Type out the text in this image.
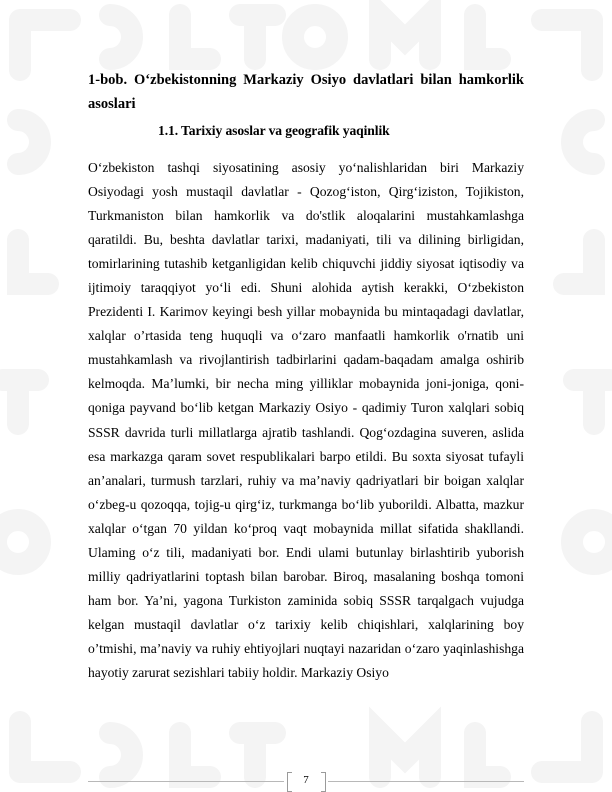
1-bob. O‘zbekistonning Markaziy Osiyo davlatlari bilan hamkorlik asoslari
1.1. Tarixiy asoslar va geografik yaqinlik

O‘zbekiston tashqi siyosatining asosiy yo‘nalishlaridan biri Markaziy Osiyodagi yosh mustaqil davlatlar - Qozog‘iston, Qirg‘iziston, Tojikiston, Turkmaniston bilan hamkorlik va do'stlik aloqalarini mustahkamlashga qaratildi. Bu, beshta davlatlar tarixi, madaniyati, tili va dilining birligidan, tomirlarining tutashib ketganligidan kelib chiquvchi jiddiy siyosat iqtisodiy va ijtimoiy taraqqiyot yo‘li edi. Shuni alohida aytish kerakki, O‘zbekiston Prezidenti I. Karimov keyingi besh yillar mobaynida bu mintaqadagi davlatlar, xalqlar o’rtasida teng huquqli va o‘zaro manfaatli hamkorlik o'rnatib uni mustahkamlash va rivojlantirish tadbirlarini qadam-baqadam amalga oshirib kelmoqda. Ma’lumki, bir necha ming yilliklar mobaynida joni-joniga, qoni-qoniga payvand bo‘lib ketgan Markaziy Osiyo - qadimiy Turon xalqlari sobiq SSSR davrida turli millatlarga ajratib tashlandi. Qog‘ozdagina suveren, aslida esa markazga qaram sovet respublikalari barpo etildi. Bu soxta siyosat tufayli an’analari, turmush tarzlari, ruhiy va ma’naviy qadriyatlari bir boigan xalqlar o‘zbeg-u qozoqqa, tojig-u qirg‘iz, turkmanga bo‘lib yuborildi. Albatta, mazkur xalqlar o‘tgan 70 yildan ko‘proq vaqt mobaynida millat sifatida shakllandi. Ulaming o‘z tili, madaniyati bor. Endi ulami butunlay birlashtirib yuborish milliy qadriyatlarini toptash bilan barobar. Biroq, masalaning boshqa tomoni ham bor. Ya’ni, yagona Turkiston zaminida sobiq SSSR tarqalgach vujudga kelgan mustaqil davlatlar o‘z tarixiy kelib chiqishlari, xalqlarining boy o’tmishi, ma’naviy va ruhiy ehtiyojlari nuqtayi nazaridan o‘zaro yaqinlashishga hayotiy zarurat sezishlari tabiiy holdir. Markaziy Osiyo

7
